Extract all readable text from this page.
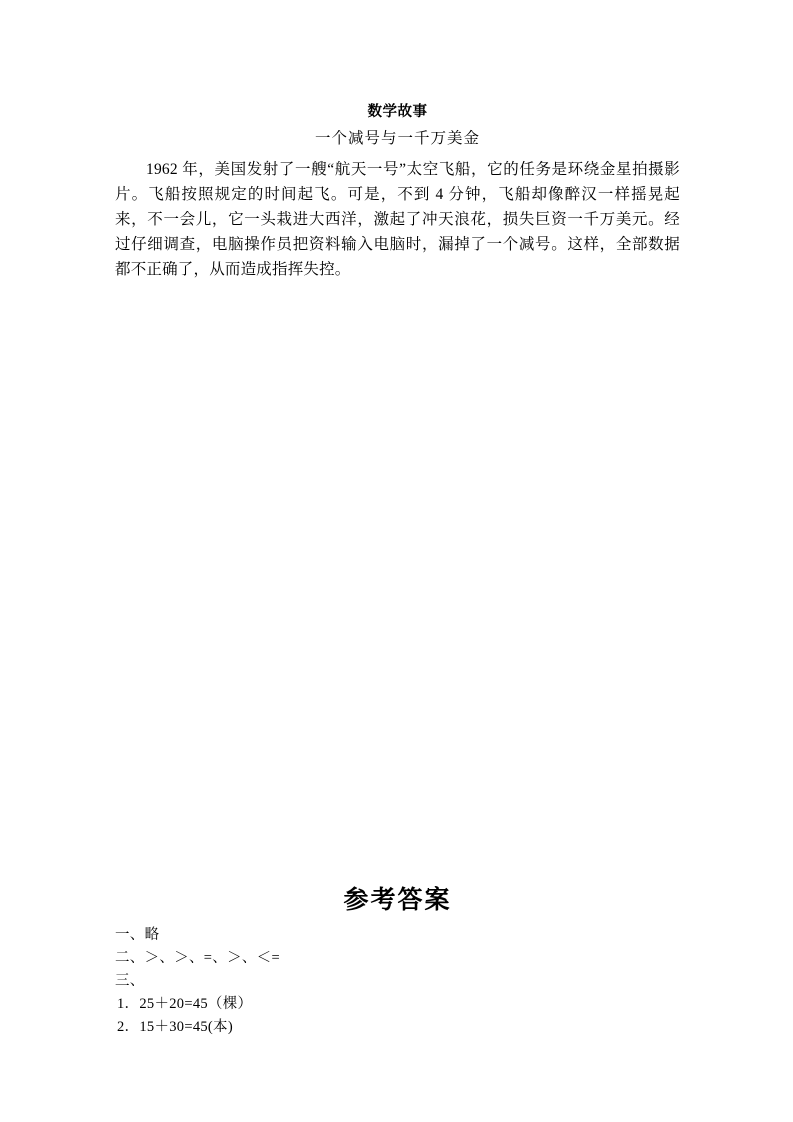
数学故事
一个减号与一千万美金

1962 年，美国发射了一艘“航天一号”太空飞船，它的任务是环绕金星拍摄影片。飞船按照规定的时间起飞。可是，不到 4 分钟，飞船却像醉汉一样摇晃起来，不一会儿，它一头栽进大西洋，激起了冲天浪花，损失巨资一千万美元。经过仔细调查，电脑操作员把资料输入电脑时，漏掉了一个减号。这样，全部数据都不正确了，从而造成指挥失控。

参考答案

一、略

二、＞、＞、=、＞、＜=

三、

1．25＋20=45（棵）

2．15＋30=45(本)
